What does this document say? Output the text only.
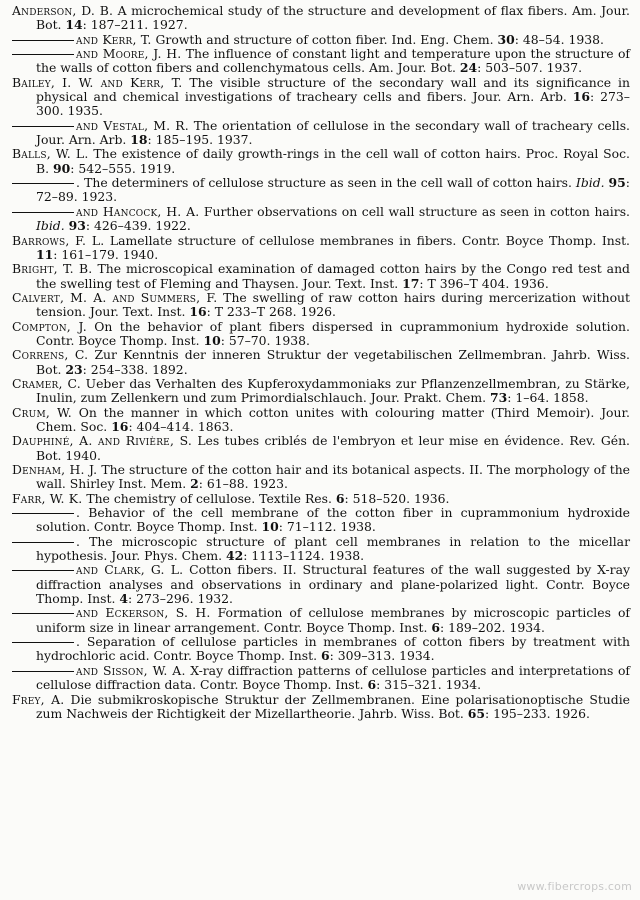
Anderson, D. B. A microchemical study of the structure and development of flax fibers. Am. Jour. Bot. 14: 187–211. 1927.

and Kerr, T. Growth and structure of cotton fiber. Ind. Eng. Chem. 30: 48–54. 1938.

and Moore, J. H. The influence of constant light and temperature upon the structure of the walls of cotton fibers and collenchymatous cells. Am. Jour. Bot. 24: 503–507. 1937.

Bailey, I. W. and Kerr, T. The visible structure of the secondary wall and its significance in physical and chemical investigations of tracheary cells and fibers. Jour. Arn. Arb. 16: 273–300. 1935.

and Vestal, M. R. The orientation of cellulose in the secondary wall of tracheary cells. Jour. Arn. Arb. 18: 185–195. 1937.

Balls, W. L. The existence of daily growth-rings in the cell wall of cotton hairs. Proc. Royal Soc. B. 90: 542–555. 1919.

. The determiners of cellulose structure as seen in the cell wall of cotton hairs. Ibid. 95: 72–89. 1923.

and Hancock, H. A. Further observations on cell wall structure as seen in cotton hairs. Ibid. 93: 426–439. 1922.

Barrows, F. L. Lamellate structure of cellulose membranes in fibers. Contr. Boyce Thomp. Inst. 11: 161–179. 1940.

Bright, T. B. The microscopical examination of damaged cotton hairs by the Congo red test and the swelling test of Fleming and Thaysen. Jour. Text. Inst. 17: T 396–T 404. 1936.

Calvert, M. A. and Summers, F. The swelling of raw cotton hairs during mercerization without tension. Jour. Text. Inst. 16: T 233–T 268. 1926.

Compton, J. On the behavior of plant fibers dispersed in cuprammonium hydroxide solution. Contr. Boyce Thomp. Inst. 10: 57–70. 1938.

Correns, C. Zur Kenntnis der inneren Struktur der vegetabilischen Zellmembran. Jahrb. Wiss. Bot. 23: 254–338. 1892.

Cramer, C. Ueber das Verhalten des Kupferoxydammoniaks zur Pflanzenzellmembran, zu Stärke, Inulin, zum Zellenkern und zum Primordialschlauch. Jour. Prakt. Chem. 73: 1–64. 1858.

Crum, W. On the manner in which cotton unites with colouring matter (Third Memoir). Jour. Chem. Soc. 16: 404–414. 1863.

Dauphiné, A. and Rivière, S. Les tubes criblés de l'embryon et leur mise en évidence. Rev. Gén. Bot. 1940.

Denham, H. J. The structure of the cotton hair and its botanical aspects. II. The morphology of the wall. Shirley Inst. Mem. 2: 61–88. 1923.

Farr, W. K. The chemistry of cellulose. Textile Res. 6: 518–520. 1936.

. Behavior of the cell membrane of the cotton fiber in cuprammonium hydroxide solution. Contr. Boyce Thomp. Inst. 10: 71–112. 1938.

. The microscopic structure of plant cell membranes in relation to the micellar hypothesis. Jour. Phys. Chem. 42: 1113–1124. 1938.

and Clark, G. L. Cotton fibers. II. Structural features of the wall suggested by X-ray diffraction analyses and observations in ordinary and plane-polarized light. Contr. Boyce Thomp. Inst. 4: 273–296. 1932.

and Eckerson, S. H. Formation of cellulose membranes by microscopic particles of uniform size in linear arrangement. Contr. Boyce Thomp. Inst. 6: 189–202. 1934.

. Separation of cellulose particles in membranes of cotton fibers by treatment with hydrochloric acid. Contr. Boyce Thomp. Inst. 6: 309–313. 1934.

and Sisson, W. A. X-ray diffraction patterns of cellulose particles and interpretations of cellulose diffraction data. Contr. Boyce Thomp. Inst. 6: 315–321. 1934.

Frey, A. Die submikroskopische Struktur der Zellmembranen. Eine polarisationoptische Studie zum Nachweis der Richtigkeit der Mizellartheorie. Jahrb. Wiss. Bot. 65: 195–233. 1926.

www.fibercrops.com
